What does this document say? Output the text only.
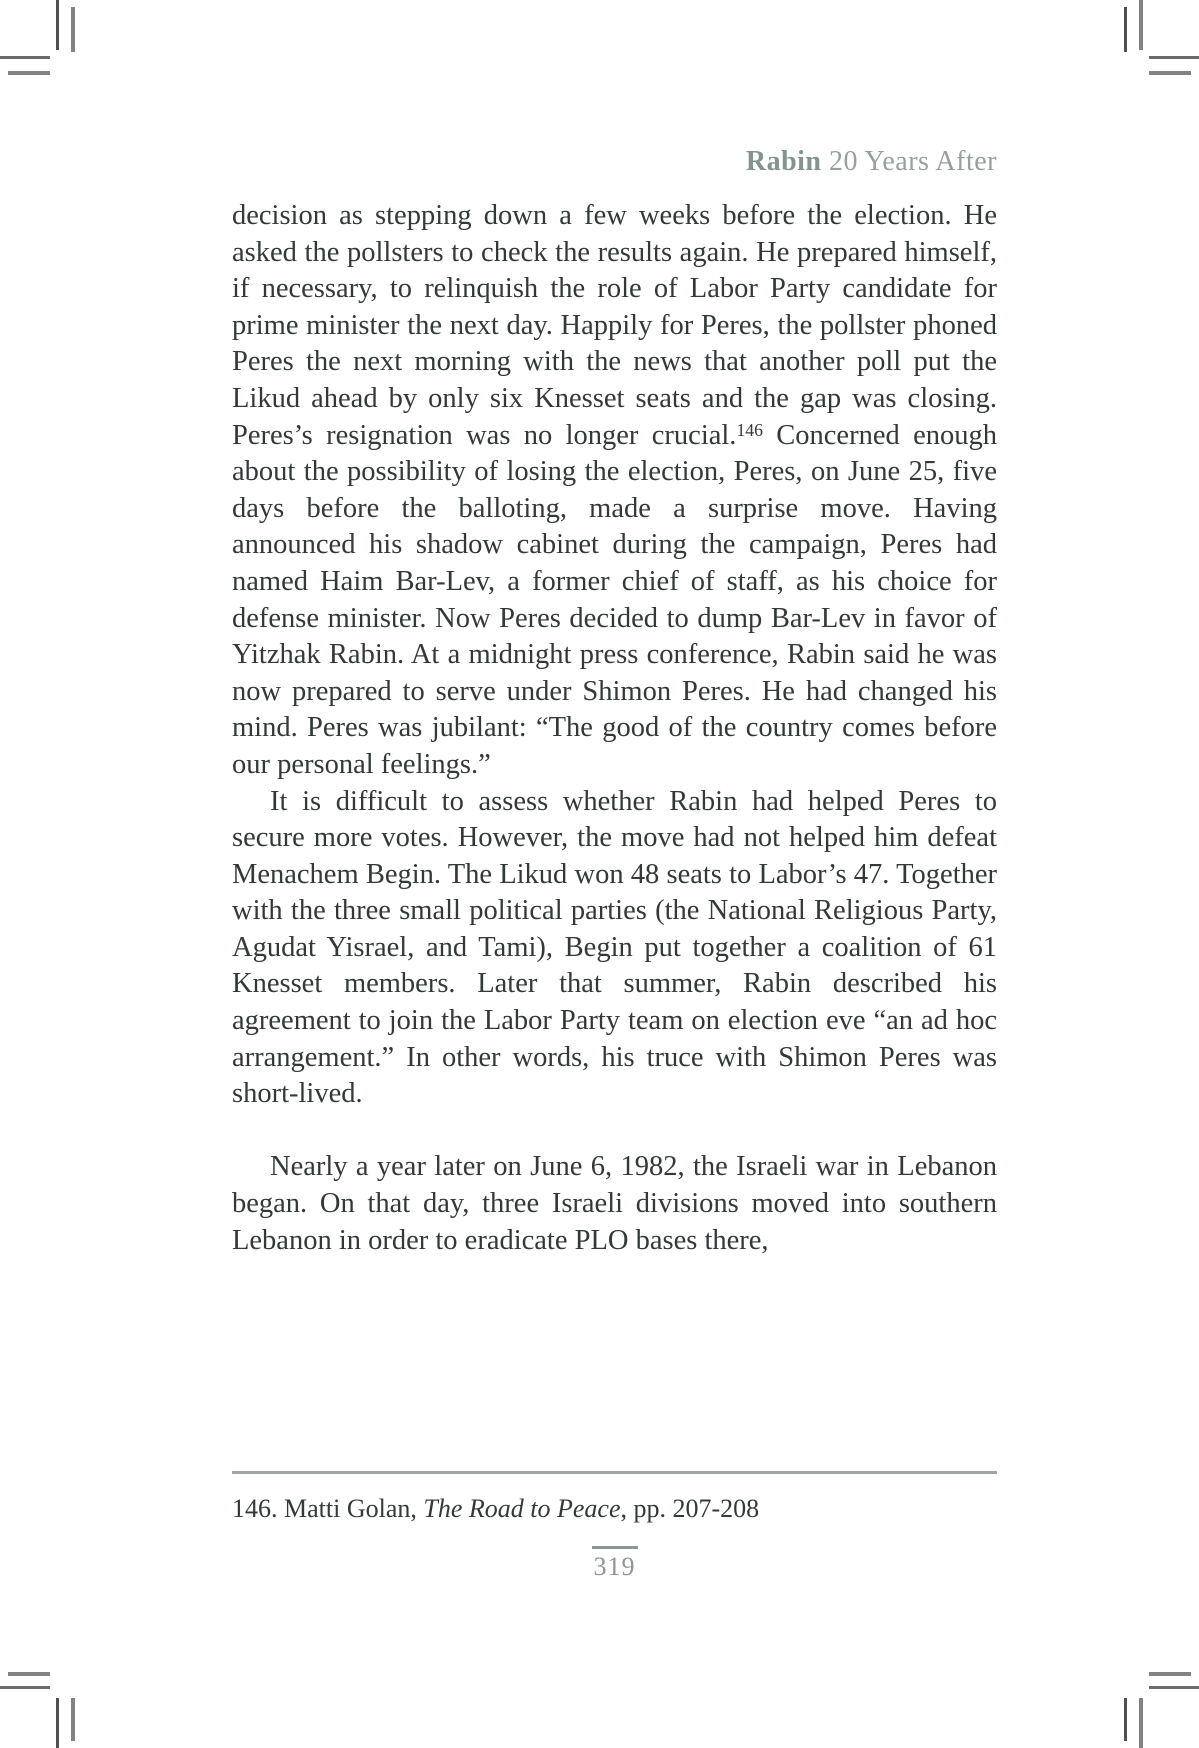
Rabin 20 Years After

decision as stepping down a few weeks before the election. He asked the pollsters to check the results again. He prepared himself, if necessary, to relinquish the role of Labor Party candidate for prime minister the next day. Happily for Peres, the pollster phoned Peres the next morning with the news that another poll put the Likud ahead by only six Knesset seats and the gap was closing. Peres’s resignation was no longer crucial.$^{146}$ Concerned enough about the possibility of losing the election, Peres, on June 25, five days before the balloting, made a surprise move. Having announced his shadow cabinet during the campaign, Peres had named Haim Bar-Lev, a former chief of staff, as his choice for defense minister. Now Peres decided to dump Bar-Lev in favor of Yitzhak Rabin. At a midnight press conference, Rabin said he was now prepared to serve under Shimon Peres. He had changed his mind. Peres was jubilant: “The good of the country comes before our personal feelings.”

It is difficult to assess whether Rabin had helped Peres to secure more votes. However, the move had not helped him defeat Menachem Begin. The Likud won 48 seats to Labor’s 47. Together with the three small political parties (the National Religious Party, Agudat Yisrael, and Tami), Begin put together a coalition of 61 Knesset members. Later that summer, Rabin described his agreement to join the Labor Party team on election eve “an ad hoc arrangement.” In other words, his truce with Shimon Peres was short-lived.

Nearly a year later on June 6, 1982, the Israeli war in Lebanon began. On that day, three Israeli divisions moved into southern Lebanon in order to eradicate PLO bases there,

146. Matti Golan, The Road to Peace, pp. 207-208
319
